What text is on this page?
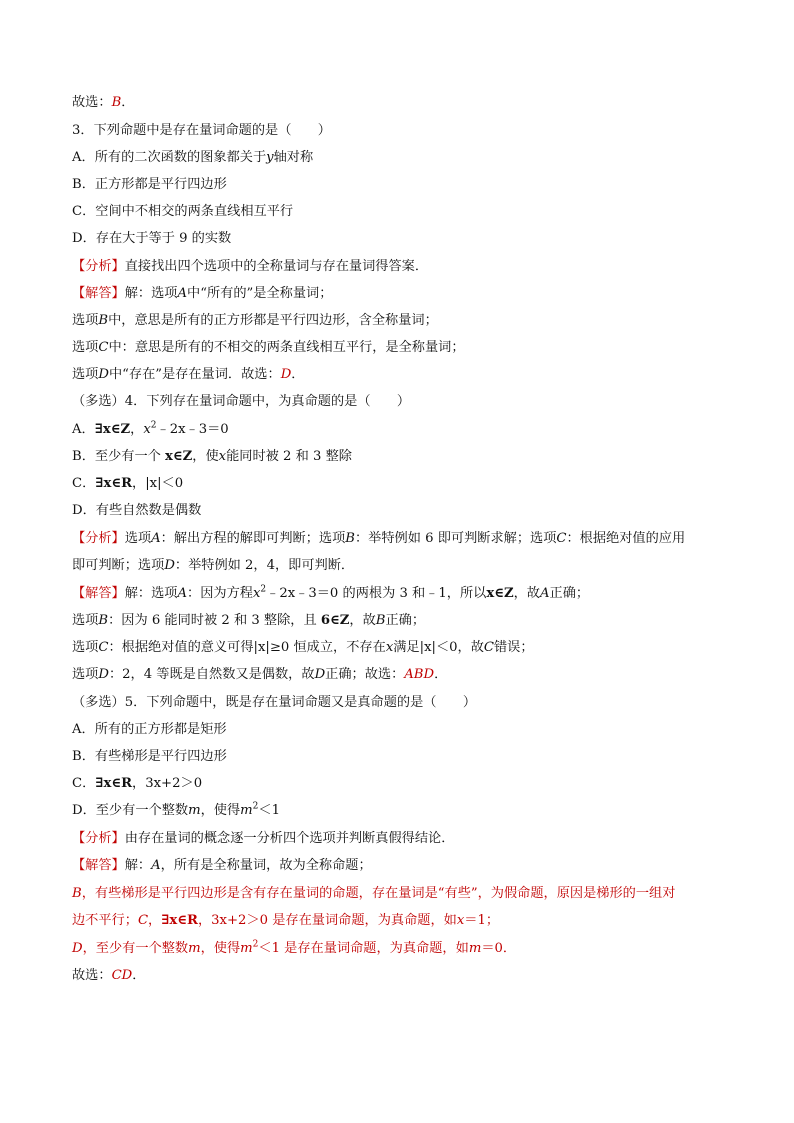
故选：B．
3．下列命题中是存在量词命题的是（　　）
A．所有的二次函数的图象都关于y轴对称
B．正方形都是平行四边形
C．空间中不相交的两条直线相互平行
D．存在大于等于 9 的实数
【分析】直接找出四个选项中的全称量词与存在量词得答案．
【解答】解：选项A中“所有的”是全称量词；
选项B中，意思是所有的正方形都是平行四边形，含全称量词；
选项C中：意思是所有的不相交的两条直线相互平行，是全称量词；
选项D中“存在”是存在量词．故选：D．
（多选）4．下列存在量词命题中，为真命题的是（　　）
A．∃x∈Z，$x^2﹣2x﹣3=0$
B．至少有一个 x∈Z，使x能同时被 2 和 3 整除
C．∃x∈R，|x|＜0
D．有些自然数是偶数
【分析】选项A：解出方程的解即可判断；选项B：举特例如 6 即可判断求解；选项C：根据绝对值的应用
即可判断；选项D：举特例如 2，4，即可判断．
【解答】解：选项A：因为方程$x^2﹣2x﹣3=0$ 的两根为 3 和﹣1，所以x∈Z，故A正确；
选项B：因为 6 能同时被 2 和 3 整除，且 6∈Z，故B正确；
选项C：根据绝对值的意义可得|x|≥0 恒成立，不存在x满足|x|＜0，故C错误；
选项D：2，4 等既是自然数又是偶数，故D正确；故选：ABD．
（多选）5．下列命题中，既是存在量词命题又是真命题的是（　　）
A．所有的正方形都是矩形
B．有些梯形是平行四边形
C．∃x∈R，3x+2＞0
D．至少有一个整数m，使得$m^2<1$
【分析】由存在量词的概念逐一分析四个选项并判断真假得结论．
【解答】解：A，所有是全称量词，故为全称命题；
B，有些梯形是平行四边形是含有存在量词的命题，存在量词是“有些”，为假命题，原因是梯形的一组对
边不平行；C，∃x∈R，3x+2＞0 是存在量词命题，为真命题，如x＝1；
D，至少有一个整数m，使得$m^2<1$ 是存在量词命题，为真命题，如m＝0．
故选：CD．
